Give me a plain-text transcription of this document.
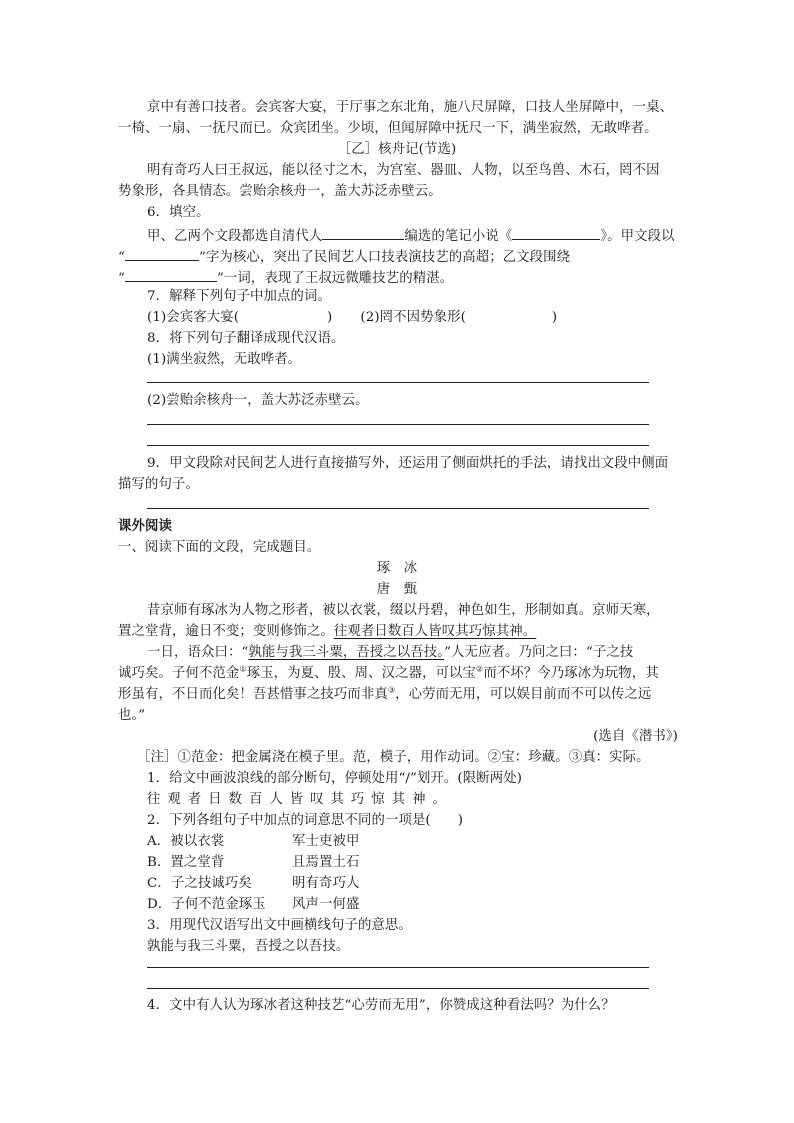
京中有善口技者。会宾客大宴，于厅事之东北角，施八尺屏障，口技人坐屏障中，一桌、
一椅、一扇、一抚尺而已。众宾团坐。少顷，但闻屏障中抚尺一下，满坐寂然，无敢哗者。
［乙］核舟记(节选)
明有奇巧人曰王叔远，能以径寸之木，为宫室、器皿、人物，以至鸟兽、木石，罔不因
势象形，各具情态。尝贻余核舟一，盖大苏泛赤壁云。
6．填空。
甲、乙两个文段都选自清代人	编选的笔记小说《	》。甲文段以
“	”字为核心，突出了民间艺人口技表演技艺的高超；乙文段围绕
“	”一词，表现了王叔远微雕技艺的精湛。
7．解释下列句子中加点的词。
(1)会宾客大宴(	) (2)罔不因势象形(	)
8．将下列句子翻译成现代汉语。
(1)满坐寂然，无敢哗者。
(2)尝贻余核舟一，盖大苏泛赤壁云。
9．甲文段除对民间艺人进行直接描写外，还运用了侧面烘托的手法，请找出文段中侧面
描写的句子。
课外阅读
一、阅读下面的文段，完成题目。
琢　冰
唐　甄
昔京师有琢冰为人物之形者，被以衣裳，缀以丹碧，神色如生，形制如真。京师天寒，
置之堂背，逾日不变；变则修饰之。往观者日数百人皆叹其巧惊其神。
一日，语众曰：“孰能与我三斗粟，吾授之以吾技。”人无应者。乃问之曰：“子之技
诚巧矣。子何不范金①琢玉，为夏、殷、周、汉之器，可以宝②而不坏？今乃琢冰为玩物，其
形虽有，不日而化矣！吾甚惜事之技巧而非真③，心劳而无用，可以娱目前而不可以传之远
也。”
(选自《潜书》)
［注］①范金：把金属浇在模子里。范，模子，用作动词。②宝：珍藏。③真：实际。
1．给文中画波浪线的部分断句，停顿处用“/”划开。(限断两处)
往观者日数百人皆叹其巧惊其神。
2．下列各组句子中加点的词意思不同的一项是(　　)
A．被以衣裳	军士吏被甲
B．置之堂背	且焉置土石
C．子之技诚巧矣	明有奇巧人
D．子何不范金琢玉 风声一何盛
3．用现代汉语写出文中画横线句子的意思。
孰能与我三斗粟，吾授之以吾技。
4．文中有人认为琢冰者这种技艺“心劳而无用”，你赞成这种看法吗？为什么？
